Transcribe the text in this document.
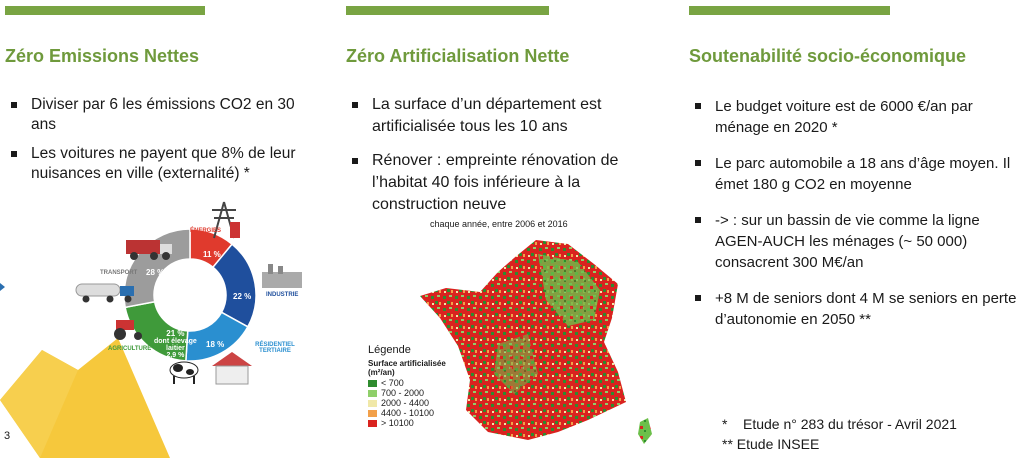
3
Zéro Emissions Nettes
Diviser par 6 les émissions CO2 en 30 ans
Les voitures ne payent que 8% de leur nuisances en ville (externalité) *
11 %
22 %
18 %
21 %
dont élevage
laitier
2,9 %
28 %
ÉNERGIES
INDUSTRIE
RÉSIDENTIEL TERTIAIRE
AGRICULTURE
TRANSPORT
Zéro Artificialisation Nette
La surface d’un département est artificialisée tous les 10 ans
Rénover : empreinte rénovation de l’habitat 40 fois inférieure à la construction neuve
chaque année, entre 2006 et 2016
Légende
Surface artificialisée
(m²/an)
< 700
700 - 2000
2000 - 4400
4400 - 10100
> 10100
Soutenabilité socio-économique
Le budget voiture est de 6000 €/an par ménage en 2020 *
Le parc automobile a 18 ans d’âge moyen. Il émet 180 g CO2 en moyenne
-> : sur un bassin de vie comme la ligne AGEN-AUCH les ménages (~ 50 000) consacrent 300 M€/an
+8 M de seniors dont 4 M se seniors en perte d’autonomie en 2050 **
*    Etude n° 283 du trésor - Avril 2021
** Etude INSEE
